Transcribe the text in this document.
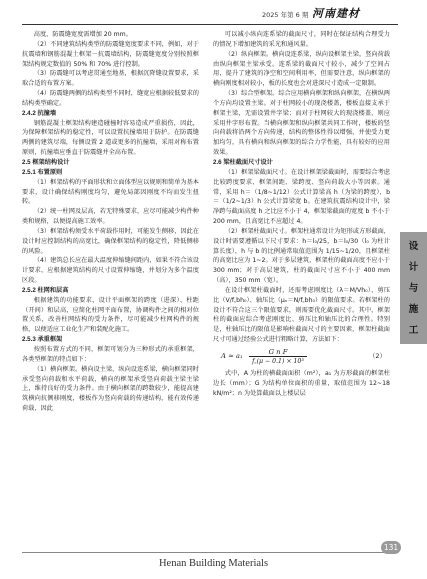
2025 年第 6 期 河南建材

高度，防震缝宽度需增加 20 mm。

（2）不同建筑结构类型的防震缝宽度要求不同，例如，对于抗震墙和钢筋混凝土框架－抗震墙结构，防震缝宽度分别按照框架结构规定数值的 50% 和 70% 进行控制。

（3）防震缝可以考虑贯通至地基，根据沉降缝设置要求，采取合适的布置方案。

（4）防震缝两侧的结构类型不同时，缝宽应根据较低要求的结构类型确定。

2.4.2 抗撞墙

钢筋混凝土框架结构建造碰撞时容易造成严重损伤，因此，为保障框架结构的稳定性，可以设置抗撞墙用于防护。在防震缝两侧的建筑尽端，每侧设置 2 道或更多的抗撞墙，采用对称布置原则，抗撞墙应垂直于防震缝并全高布置。

2.5 框架结构设计

2.5.1 布置原则

（1）框架结构的平面形状和立面体型应以规则和简单为基本要求，设计确保结构刚度均匀，避免局部因刚度不均而发生扭转。

（2）统一柱网及层高，若无特殊要求，应尽可能减少构件种类和规格，以便提高施工效率。

（3）框架结构须受水平荷载作用时，可能发生侧移，因此在设计时应控制结构的高宽比，确保框架结构的稳定性，降低侧移的风险。

（4）建筑总长应在最大温度伸缩缝间距内，如果不符合该设计要求，应根据建筑结构的尺寸设置伸缩缝，并划分为多个温度区段。

2.5.2 柱网和层高

根据建筑的功能要求，设计平面框架的跨度（进深）、柱距（开间）和层高，应简化柱网平面布置，协调构件之间的相对位置关系，改善柱网结构的受力条件，尽可能减少柱网构件的规格，以便适应工业化生产和装配化施工。

2.5.3 承重框架

按照布置方式的不同，框架可划分为三种形式的承重框架，各类型框架的特点如下：

（1）横向框架。横向设主梁，纵向设连系梁，横向框架同时承受竖向荷载和水平荷载，横向的框架承受竖向荷载主梁主梁上，维持良好的受力条件。由于横向框架的跨数较少，能提高建筑横向抗侧移刚度，楼板作为竖向荷载的传递结构，能有效传递荷载，因此

可以减小纵向连系梁的截面尺寸，同时在保证结构合理受力的情况下增加建筑的采光和通风量。

（2）纵向框架。横向设连系梁，纵向设框架主梁，竖向荷载由纵向框架主梁承受。连系梁的截面尺寸较小，减少了空间占用，提升了建筑的净空和空间利用率，但需要注意，纵向框架的横向刚度相对较小，板的长度也会对进深尺寸造成一定限制。

（3）综合型框架。综合应用横向框架和纵向框架，在横纵两个方向均设置主梁。对于柱网较小的现浇楼盖，楼板直接支承于框架主梁，无需设置井字梁；而对于柱网较大的现浇楼盖，则应采用井字形布置。当横向框架和纵向框架共同工作时，楼板的竖向荷载将沿两个方向传递，结构的整体性得以增强，并使受力更加均匀，具有横向和纵向框架的综合力学性能，具有较好的应用效果。

2.6 梁柱截面尺寸设计

（1）框架梁截面尺寸。在设计框架梁截面时，需要综合考虑比较跨度要求、框架间距、梁跨度、竖向荷载大小等因素。通常，采用 h＝（1/8~1/12）公式计算梁高 h（为梁的跨度），b＝（1/2~1/3）h 公式计算梁宽 b。在建筑抗震结构设计中，梁净跨与截面高度 h 之比应不小于 4，框架梁截面的宽度 b 不小于 200 mm，且高宽比不应超过 4。

（2）框架柱截面尺寸。框架柱通常设计为矩形或方形截面，设计时需要遵循以下尺寸要求：h＝l₀/25，b＝l₀/30（l₀ 为柱计算长度），h 与 b 的比例通常取值范围为 1/15~1/20，且框架柱的高宽比应为 1~2。对于多层建筑，框架柱的截面高度不应小于 300 mm；对于高层建筑，柱的截面尺寸应不小于 400 mm（高），350 mm（宽）。

在设计框架柱截面时，还需考虑刚度比（λ＝M/Vh₀）、剪压比（V/f꜀bh₀）、轴压比（μₙ＝N/f꜀bh₀）的限值要求。若框架柱的设计不符合这三个限值要求，则需要优化截面尺寸。其中，框架柱的截面应综合考虑刚度比、剪压比和轴压比的合理性。特别是，柱轴压比的限值是影响柱截面尺寸的主要因素，框架柱截面尺寸可通过经验公式进行粗略计算，方法如下：

A ≈ a₁	G n F
f꜀(μ − 0.1) × 10³
（2）

式中，A 为柱的横截面面积（m²），a₁ 为方形截面的框架柱边长（mm）；G 为结构单位面积的重量，取值范围为 12~18 kN/m²；n 为处算截面以上楼层层

设
计
与
施
工
131
Henan Building Materials
